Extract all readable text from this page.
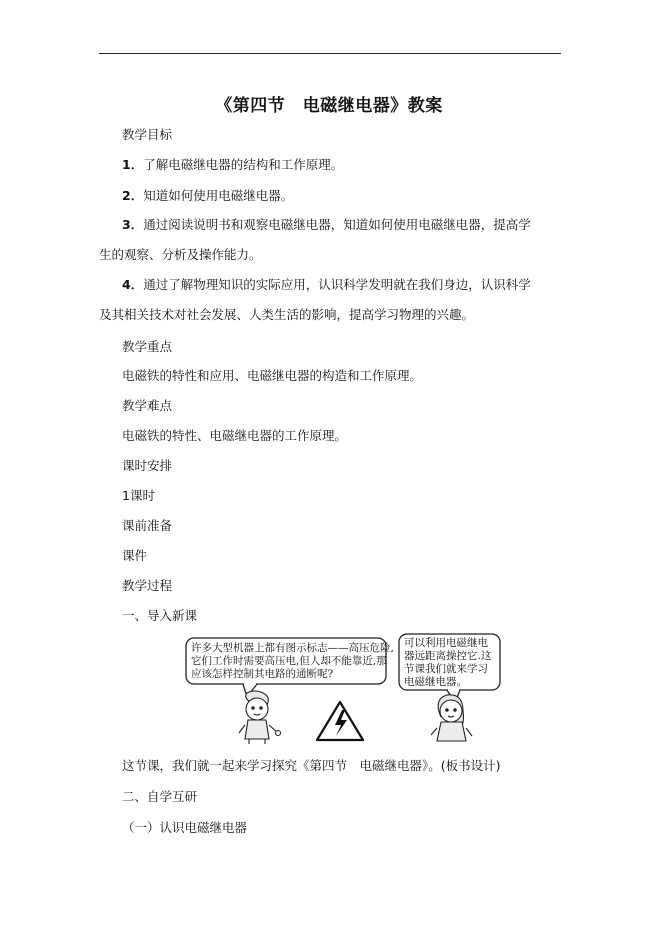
《第四节　电磁继电器》教案
教学目标
1．了解电磁继电器的结构和工作原理。
2．知道如何使用电磁继电器。
3．通过阅读说明书和观察电磁继电器，知道如何使用电磁继电器，提高学生的观察、分析及操作能力。
4．通过了解物理知识的实际应用，认识科学发明就在我们身边，认识科学及其相关技术对社会发展、人类生活的影响，提高学习物理的兴趣。
教学重点
电磁铁的特性和应用、电磁继电器的构造和工作原理。
教学难点
电磁铁的特性、电磁继电器的工作原理。
课时安排
1课时
课前准备
课件
教学过程
一、导入新课
许多大型机器上都有图示标志——高压危险,
它们工作时需要高压电,但人却不能靠近,那
应该怎样控制其电路的通断呢?
可以利用电磁继电
器远距离操控它.这
节课我们就来学习
电磁继电器。
这节课，我们就一起来学习探究《第四节　电磁继电器》。(板书设计)
二、自学互研
（一）认识电磁继电器
